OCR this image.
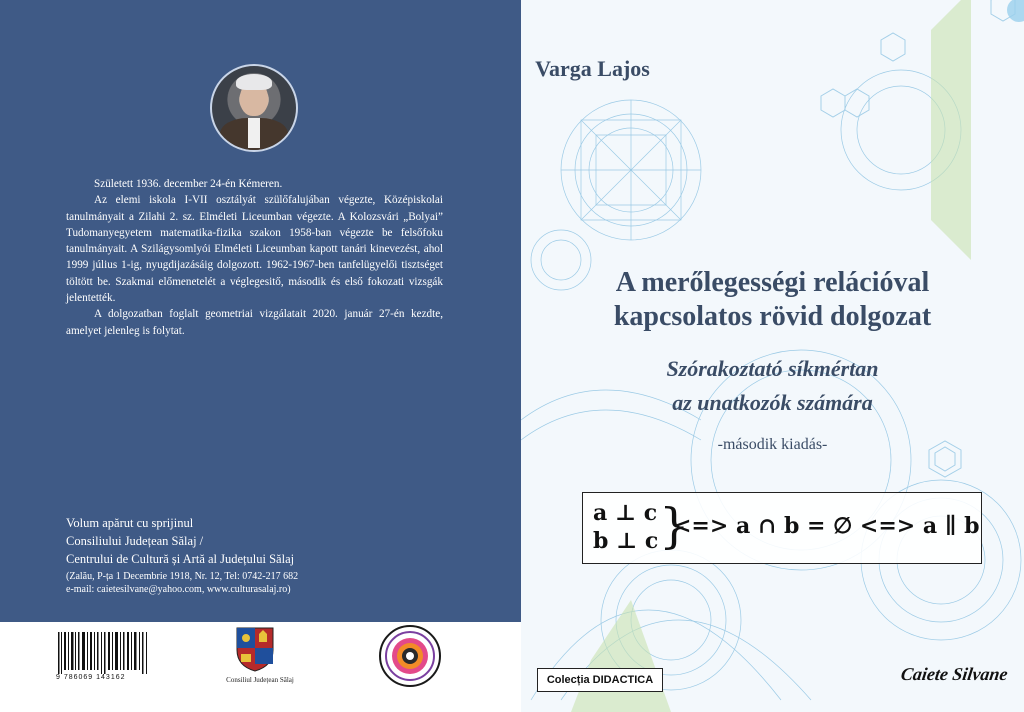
Született 1936. december 24-én Kémeren.

Az elemi iskola I-VII osztályát szülőfalujában végezte, Középiskolai tanulmányait a Zilahi 2. sz. Elméleti Liceumban végezte. A Kolozsvári „Bolyai” Tudomanyegyetem matematika-fizika szakon 1958-ban végezte be felsőfoku tanulmányait. A Szilágysomlyói Elméleti Liceumban kapott tanári kinevezést, ahol 1999 július 1-ig, nyugdijazásáig dolgozott. 1962-1967-ben tanfelügyelői tisztséget töltött be. Szakmai előmenetelét a véglegesitő, második és első fokozati vizsgák jelentették.

A dolgozatban foglalt geometriai vizgálatait 2020. január 27-én kezdte, amelyet jelenleg is folytat.

Volum apărut cu sprijinul
Consiliului Județean Sălaj /
Centrului de Cultură și Artă al Județului Sălaj
(Zalău, P-ța 1 Decembrie 1918, Nr. 12, Tel: 0742-217 682
e-mail: caietesilvane@yahoo.com, www.culturasalaj.ro)
9 786069 143162	Consiliul Județean Sălaj
Varga Lajos
A merőlegességi relációval
kapcsolatos rövid dolgozat
Szórakoztató síkmértan
az unatkozók számára
-második kiadás-
a ⊥ c
b ⊥ c }
<=> a ∩ b = ∅ <=> a ∥ b
Colecția DIDACTICA	Caiete Silvane
